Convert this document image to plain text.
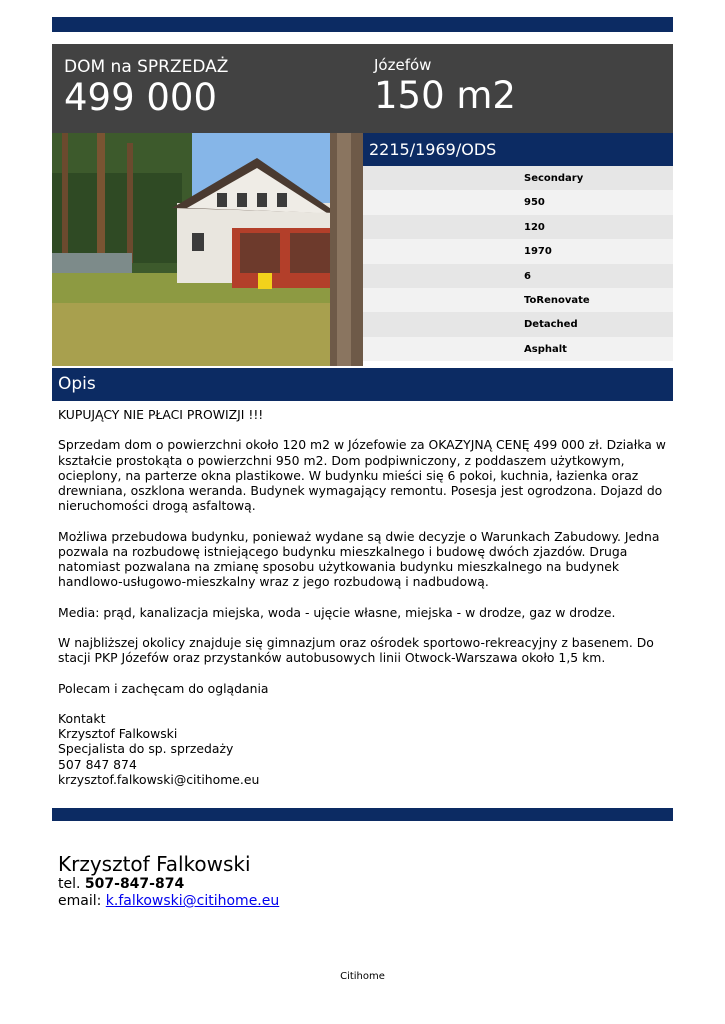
DOM na SPRZEDAŻ
499 000
Józefów
150 m2
2215/1969/ODS
Secondary
950
120
1970
6
ToRenovate
Detached
Asphalt
Opis

KUPUJĄCY NIE PŁACI PROWIZJI !!!

Sprzedam dom o powierzchni około 120 m2 w Józefowie za OKAZYJNĄ CENĘ 499 000 zł. Działka w kształcie prostokąta o powierzchni 950 m2. Dom podpiwniczony, z poddaszem użytkowym, ocieplony, na parterze okna plastikowe. W budynku mieści się 6 pokoi, kuchnia, łazienka oraz drewniana, oszklona weranda. Budynek wymagający remontu. Posesja jest ogrodzona. Dojazd do nieruchomości drogą asfaltową.

Możliwa przebudowa budynku, ponieważ wydane są dwie decyzje o Warunkach Zabudowy. Jedna pozwala na rozbudowę istniejącego budynku mieszkalnego i budowę dwóch zjazdów. Druga natomiast pozwalana na zmianę sposobu użytkowania budynku mieszkalnego na budynek handlowo-usługowo-mieszkalny wraz z jego rozbudową i nadbudową.

Media: prąd, kanalizacja miejska, woda - ujęcie własne, miejska - w drodze, gaz w drodze.

W najbliższej okolicy znajduje się gimnazjum oraz ośrodek sportowo-rekreacyjny z basenem. Do stacji PKP Józefów oraz przystanków autobusowych linii Otwock-Warszawa około 1,5 km.

Polecam i zachęcam do oglądania

Kontakt

Krzysztof Falkowski

Specjalista do sp. sprzedaży

507 847 874

krzysztof.falkowski@citihome.eu

Krzysztof Falkowski
tel. 507-847-874
email: k.falkowski@citihome.eu
Citihome
